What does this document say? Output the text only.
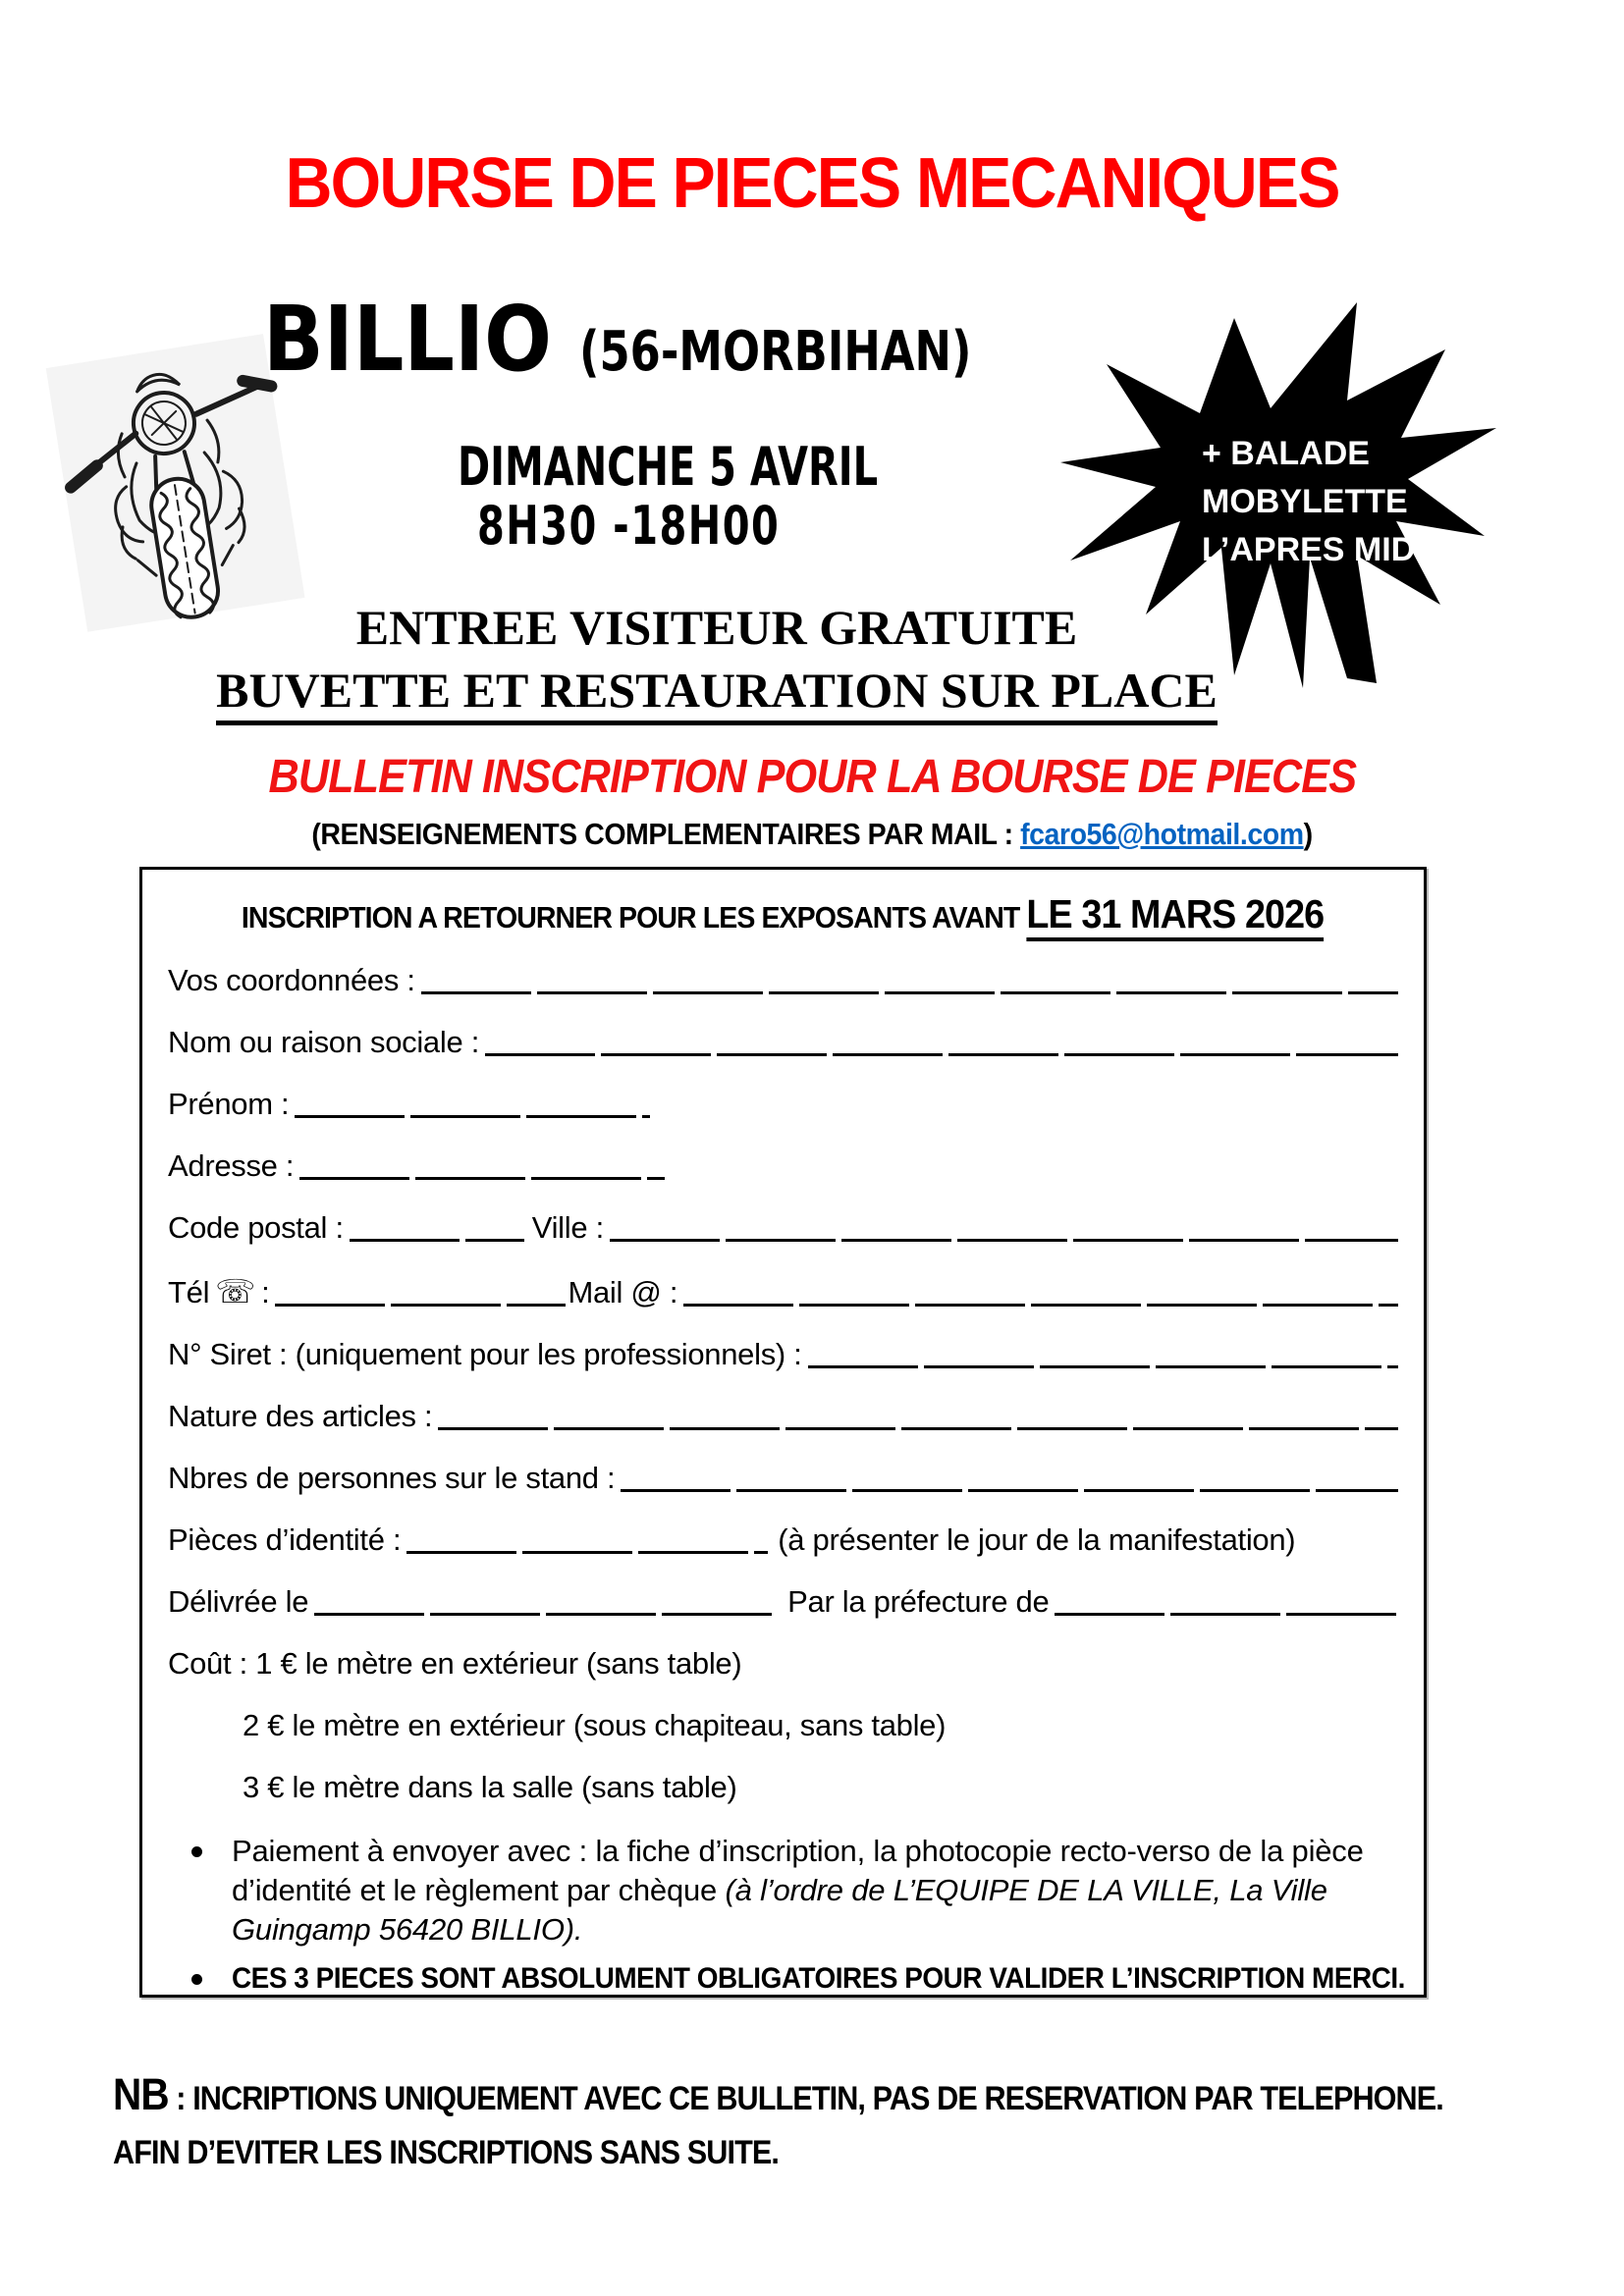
BOURSE DE PIECES MECANIQUES
BILLIO (56-MORBIHAN)
DIMANCHE 5 AVRIL
8H30 -18H00
+ BALADE
MOBYLETTE
L’APRES MIDI
ENTREE VISITEUR GRATUITE
BUVETTE ET RESTAURATION SUR PLACE
BULLETIN INSCRIPTION POUR LA BOURSE DE PIECES
(RENSEIGNEMENTS COMPLEMENTAIRES PAR MAIL : fcaro56@hotmail.com)
INSCRIPTION A RETOURNER POUR LES EXPOSANTS AVANT LE 31 MARS 2026
Vos coordonnées :
Nom ou raison sociale :
Prénom :
Adresse :
Code postal :	Ville :
Tél ☏ :	Mail @ :
N° Siret : (uniquement pour les professionnels) :
Nature des articles :
Nbres de personnes sur le stand :
Pièces d’identité :	(à présenter le jour de la manifestation)
Délivrée le	Par la préfecture de
Coût : 1 € le mètre en extérieur (sans table)
2 € le mètre en extérieur (sous chapiteau, sans table)
3 € le mètre dans la salle (sans table)
Paiement à envoyer avec : la fiche d’inscription, la photocopie recto-verso de la pièce d’identité et le règlement par chèque (à l’ordre de L’EQUIPE DE LA VILLE, La Ville Guingamp 56420 BILLIO).
CES 3 PIECES SONT ABSOLUMENT OBLIGATOIRES POUR VALIDER L’INSCRIPTION MERCI.
NB : INCRIPTIONS UNIQUEMENT AVEC CE BULLETIN, PAS DE RESERVATION PAR TELEPHONE.
AFIN D’EVITER LES INSCRIPTIONS SANS SUITE.
